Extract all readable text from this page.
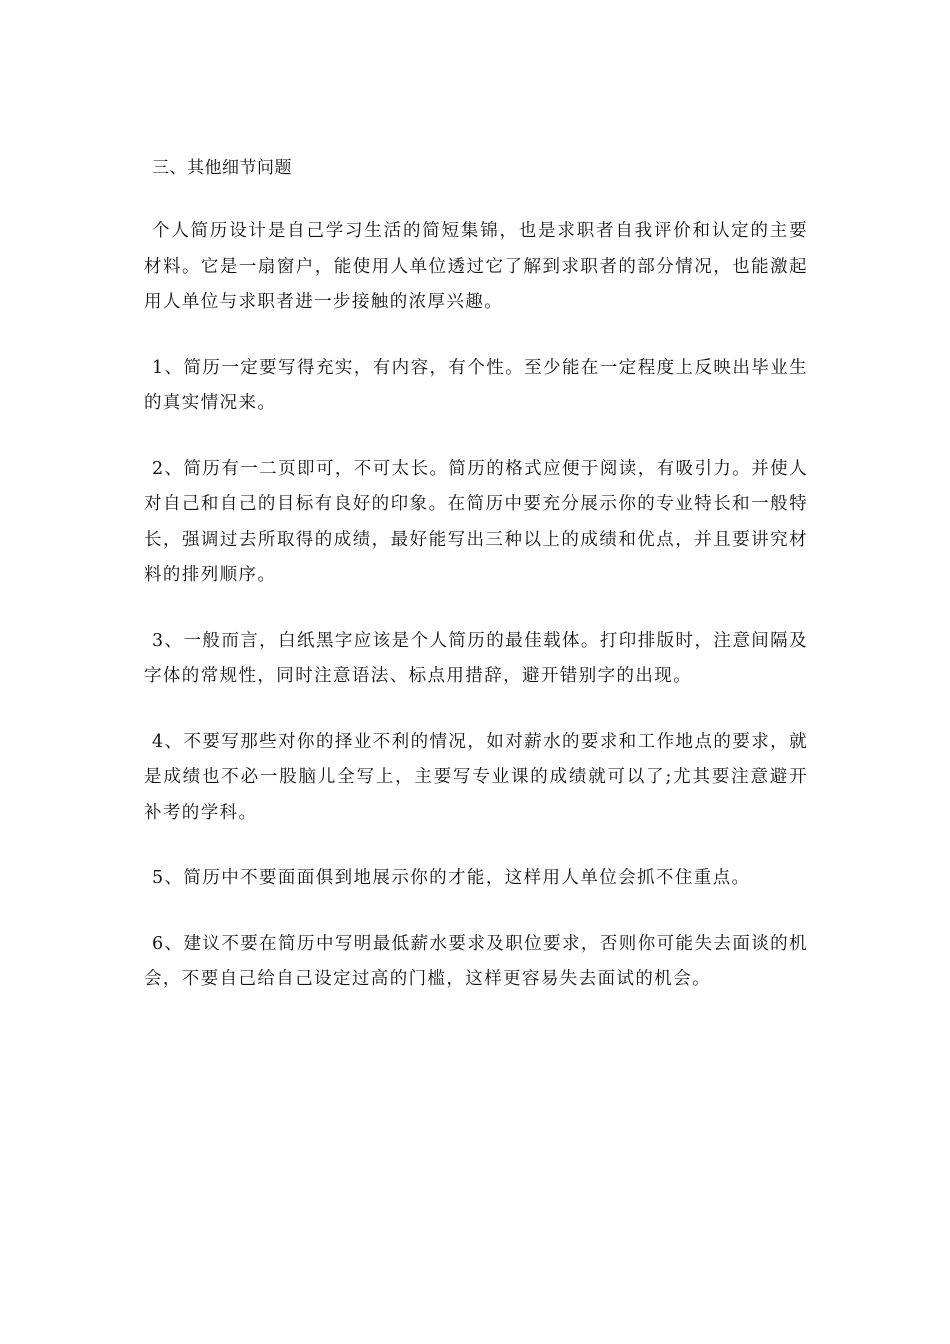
三、其他细节问题

个人简历设计是自己学习生活的简短集锦，也是求职者自我评价和认定的主要材料。它是一扇窗户，能使用人单位透过它了解到求职者的部分情况，也能激起用人单位与求职者进一步接触的浓厚兴趣。

1、简历一定要写得充实，有内容，有个性。至少能在一定程度上反映出毕业生的真实情况来。

2、简历有一二页即可，不可太长。简历的格式应便于阅读，有吸引力。并使人对自己和自己的目标有良好的印象。在简历中要充分展示你的专业特长和一般特长，强调过去所取得的成绩，最好能写出三种以上的成绩和优点，并且要讲究材料的排列顺序。

3、一般而言，白纸黑字应该是个人简历的最佳载体。打印排版时，注意间隔及字体的常规性，同时注意语法、标点用措辞，避开错别字的出现。

4、不要写那些对你的择业不利的情况，如对薪水的要求和工作地点的要求，就是成绩也不必一股脑儿全写上，主要写专业课的成绩就可以了;尤其要注意避开补考的学科。

5、简历中不要面面俱到地展示你的才能，这样用人单位会抓不住重点。

6、建议不要在简历中写明最低薪水要求及职位要求，否则你可能失去面谈的机会，不要自己给自己设定过高的门槛，这样更容易失去面试的机会。
